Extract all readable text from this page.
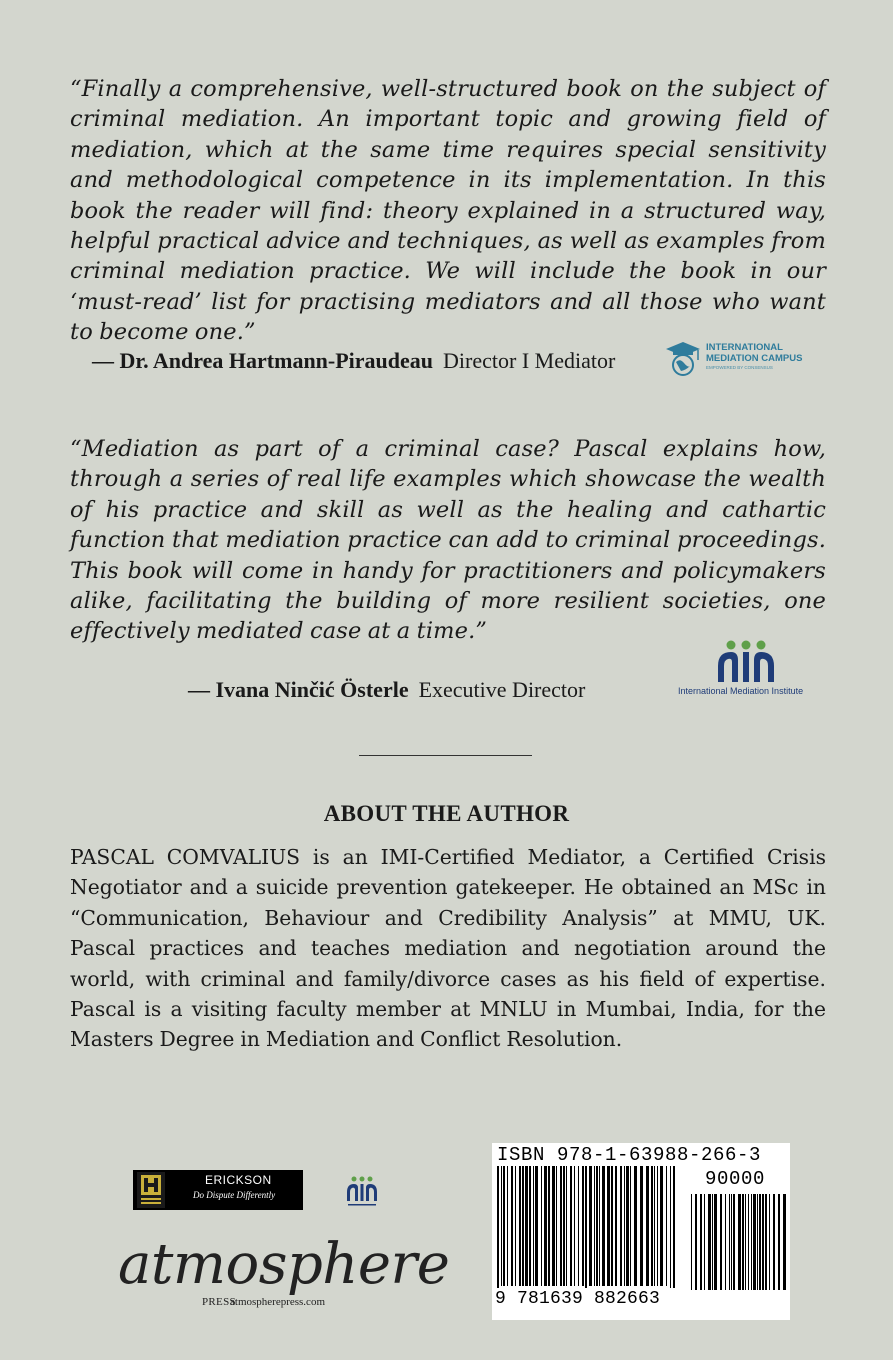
“Finally a comprehensive, well-structured book on the subject of criminal mediation. An important topic and growing field of mediation, which at the same time requires special sensitivity and methodological competence in its implementation. In this book the reader will find: theory explained in a structured way, helpful practical advice and techniques, as well as examples from criminal mediation practice. We will include the book in our ‘must-read’ list for practising mediators and all those who want to become one.”
— Dr. Andrea Hartmann-Piraudeau Director I Mediator
INTERNATIONAL
MEDIATION CAMPUS
EMPOWERED BY CONSENSUS
“Mediation as part of a criminal case? Pascal explains how, through a series of real life examples which showcase the wealth of his practice and skill as well as the healing and cathartic function that mediation practice can add to criminal proceedings. This book will come in handy for practitioners and policymakers alike, facilitating the building of more resilient societies, one effectively mediated case at a time.”
— Ivana Ninčić Österle Executive Director	International Mediation Institute
ABOUT THE AUTHOR
PASCAL COMVALIUS is an IMI-Certified Mediator, a Certified Crisis Negotiator and a suicide prevention gatekeeper. He obtained an MSc in “Communication, Behaviour and Credibility Analysis” at MMU, UK. Pascal practices and teaches mediation and negotiation around the world, with criminal and family/divorce cases as his field of expertise. Pascal is a visiting faculty member at MNLU in Mumbai, India, for the Masters Degree in Mediation and Conflict Resolution.
ERICKSON
Do Dispute Differently
atmosphere
PRESS
atmospherepress.com
ISBN 978-1-63988-266-3
90000
9 781639 882663
